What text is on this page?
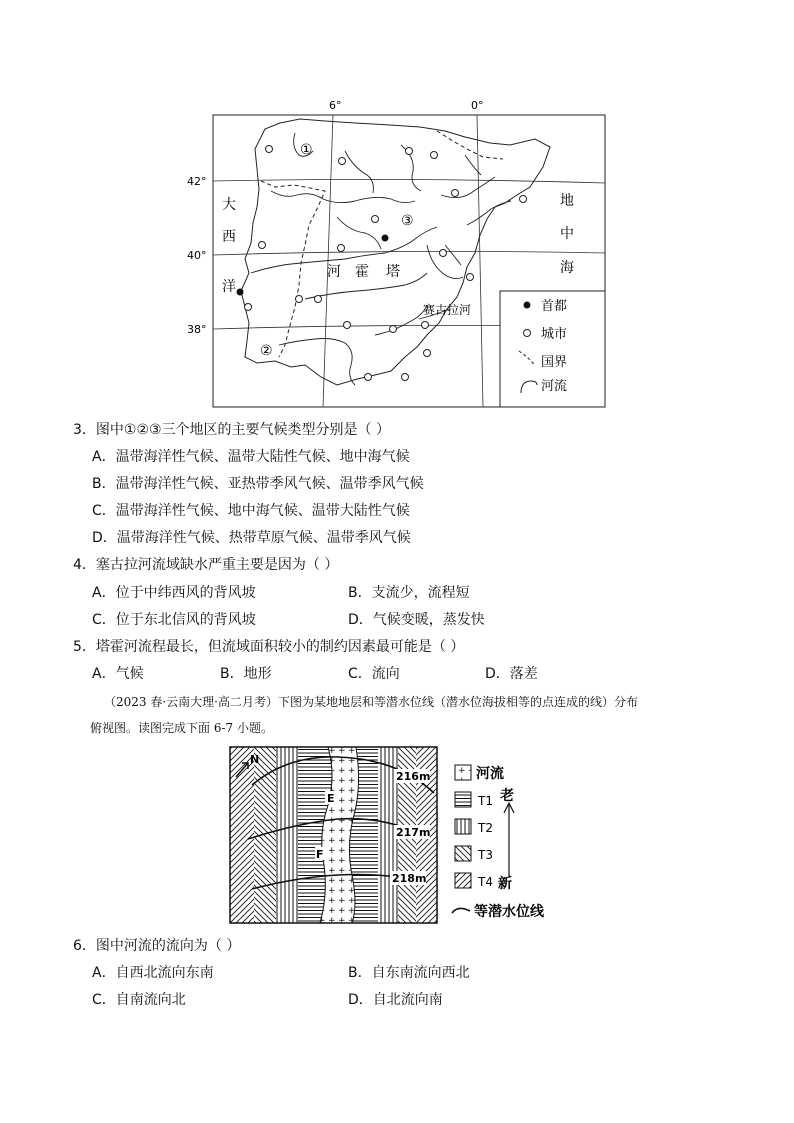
6°	0°
42°
40°
38°
①
②
③
大
西
洋
地
中
海
河 霍 塔
赛古拉河	首都
城市
国界
河流
3．图中①②③三个地区的主要气候类型分别是（ ）
A．温带海洋性气候、温带大陆性气候、地中海气候
B．温带海洋性气候、亚热带季风气候、温带季风气候
C．温带海洋性气候、地中海气候、温带大陆性气候
D．温带海洋性气候、热带草原气候、温带季风气候
4．塞古拉河流域缺水严重主要是因为（ ）
A．位于中纬西风的背风坡	B．支流少，流程短
C．位于东北信风的背风坡	D．气候变暖，蒸发快
5．塔霍河流程最长，但流域面积较小的制约因素最可能是（ ）
A．气候	B．地形	C．流向	D．落差
（2023 春·云南大理·高二月考）下图为某地地层和等潜水位线（潜水位海拔相等的点连成的线）分布
俯视图。读图完成下面 6-7 小题。
N
216m
217m
218m
E
F
河流
T1
T2
T3
T4
老
新
等潜水位线
6．图中河流的流向为（ ）
A．自西北流向东南	B．自东南流向西北
C．自南流向北	D．自北流向南
